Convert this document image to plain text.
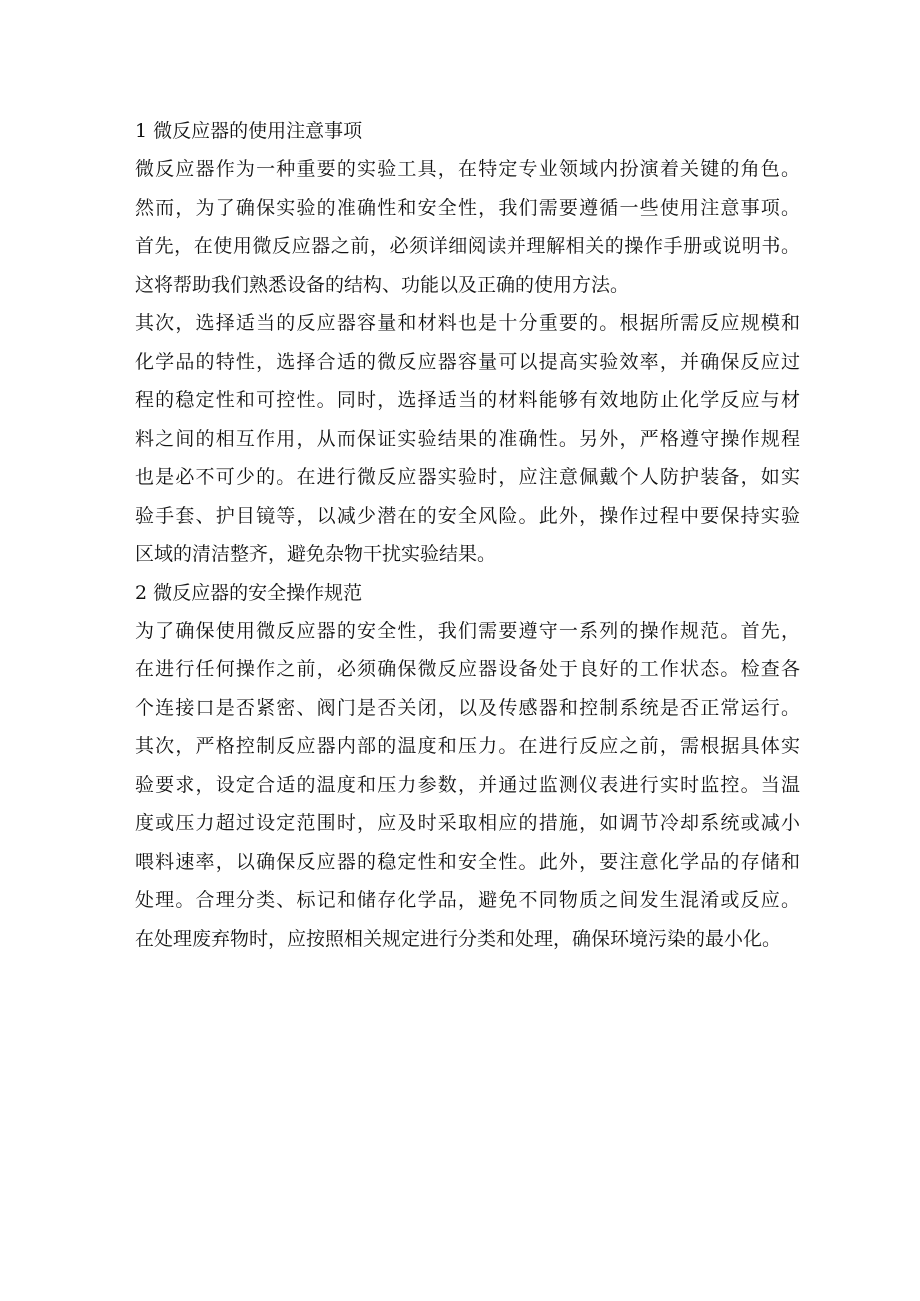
1 微反应器的使用注意事项

微反应器作为一种重要的实验工具，在特定专业领域内扮演着关键的角色。
然而，为了确保实验的准确性和安全性，我们需要遵循一些使用注意事项。
首先，在使用微反应器之前，必须详细阅读并理解相关的操作手册或说明书。
这将帮助我们熟悉设备的结构、功能以及正确的使用方法。

其次，选择适当的反应器容量和材料也是十分重要的。根据所需反应规模和
化学品的特性，选择合适的微反应器容量可以提高实验效率，并确保反应过
程的稳定性和可控性。同时，选择适当的材料能够有效地防止化学反应与材
料之间的相互作用，从而保证实验结果的准确性。另外，严格遵守操作规程
也是必不可少的。在进行微反应器实验时，应注意佩戴个人防护装备，如实
验手套、护目镜等，以减少潜在的安全风险。此外，操作过程中要保持实验
区域的清洁整齐，避免杂物干扰实验结果。

2 微反应器的安全操作规范

为了确保使用微反应器的安全性，我们需要遵守一系列的操作规范。首先，
在进行任何操作之前，必须确保微反应器设备处于良好的工作状态。检查各
个连接口是否紧密、阀门是否关闭，以及传感器和控制系统是否正常运行。
其次，严格控制反应器内部的温度和压力。在进行反应之前，需根据具体实
验要求，设定合适的温度和压力参数，并通过监测仪表进行实时监控。当温
度或压力超过设定范围时，应及时采取相应的措施，如调节冷却系统或减小
喂料速率，以确保反应器的稳定性和安全性。此外，要注意化学品的存储和
处理。合理分类、标记和储存化学品，避免不同物质之间发生混淆或反应。
在处理废弃物时，应按照相关规定进行分类和处理，确保环境污染的最小化。
